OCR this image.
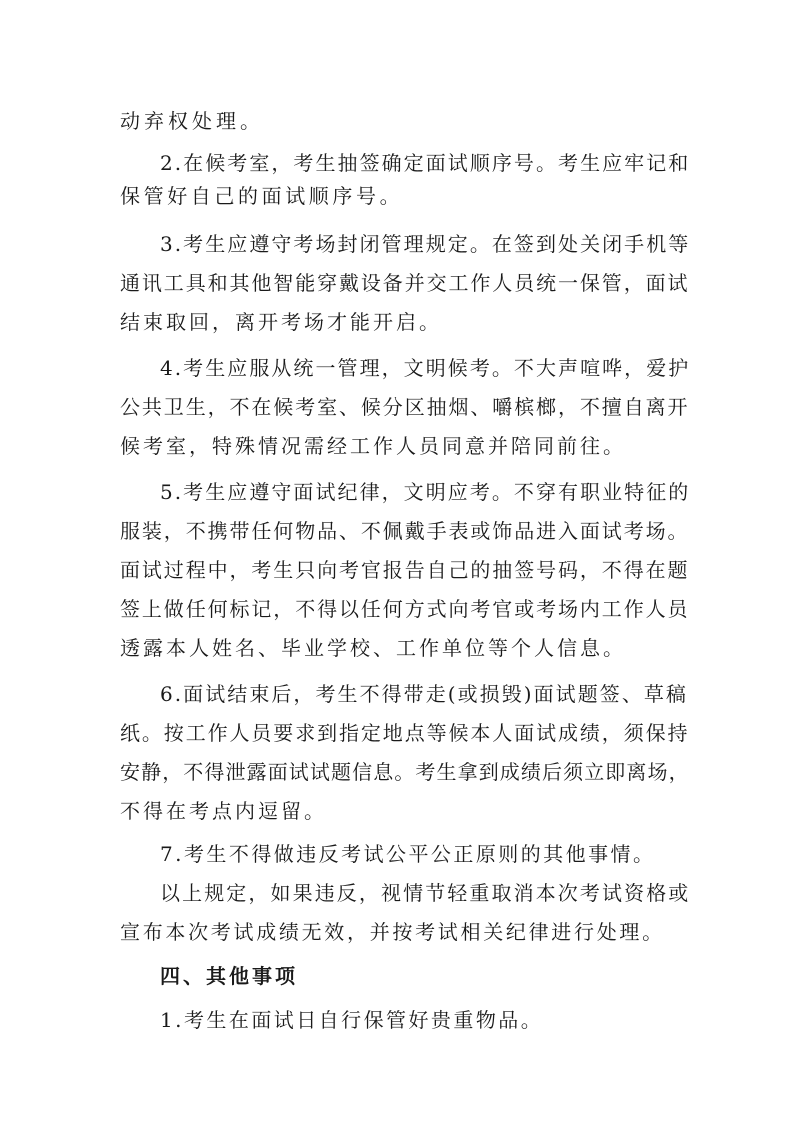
动弃权处理。
2.在候考室，考生抽签确定面试顺序号。考生应牢记和
保管好自己的面试顺序号。
3.考生应遵守考场封闭管理规定。在签到处关闭手机等
通讯工具和其他智能穿戴设备并交工作人员统一保管，面试
结束取回，离开考场才能开启。
4.考生应服从统一管理，文明候考。不大声喧哗，爱护
公共卫生，不在候考室、候分区抽烟、嚼槟榔，不擅自离开
候考室，特殊情况需经工作人员同意并陪同前往。
5.考生应遵守面试纪律，文明应考。不穿有职业特征的
服装，不携带任何物品、不佩戴手表或饰品进入面试考场。
面试过程中，考生只向考官报告自己的抽签号码，不得在题
签上做任何标记，不得以任何方式向考官或考场内工作人员
透露本人姓名、毕业学校、工作单位等个人信息。
6.面试结束后，考生不得带走(或损毁)面试题签、草稿
纸。按工作人员要求到指定地点等候本人面试成绩，须保持
安静，不得泄露面试试题信息。考生拿到成绩后须立即离场，
不得在考点内逗留。
7.考生不得做违反考试公平公正原则的其他事情。
以上规定，如果违反，视情节轻重取消本次考试资格或
宣布本次考试成绩无效，并按考试相关纪律进行处理。
四、其他事项
1.考生在面试日自行保管好贵重物品。
